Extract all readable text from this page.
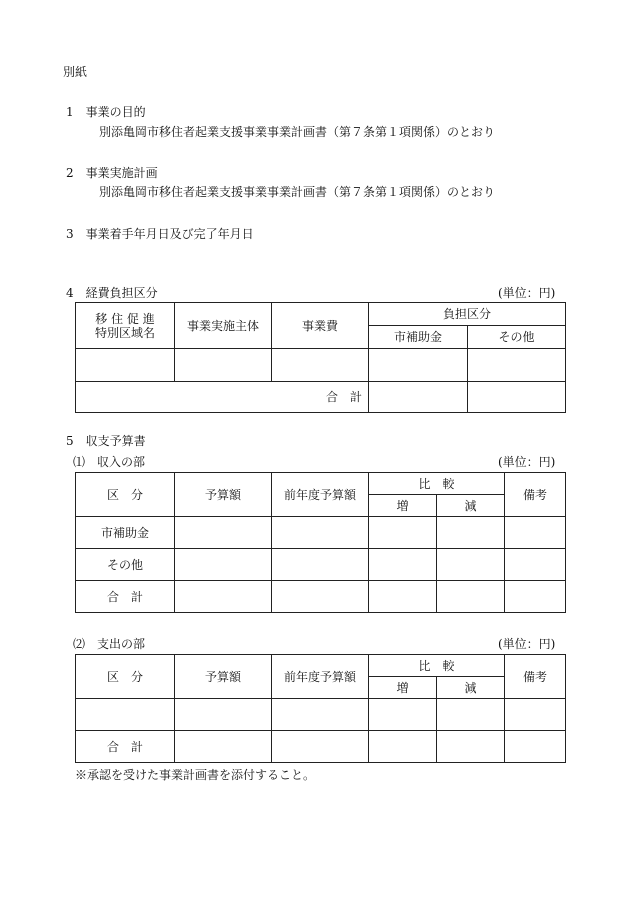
別紙
1　事業の目的
別添亀岡市移住者起業支援事業事業計画書（第７条第１項関係）のとおり
2　事業実施計画
別添亀岡市移住者起業支援事業事業計画書（第７条第１項関係）のとおり
3　事業着手年月日及び完了年月日
4　経費負担区分	(単位：円)
移 住 促 進
特別区域名	事業実施主体	事業費	負担区分	
			市補助金	その他

合　計				
5　収支予算書
⑴　収入の部	(単位：円)
区　分	予算額	前年度予算額	比　較		備考
			増	減	
市補助金					
その他					
合　計					
⑵　支出の部	(単位：円)
区　分	予算額	前年度予算額	比　較		備考
			増	減	

合　計					
※承認を受けた事業計画書を添付すること。
